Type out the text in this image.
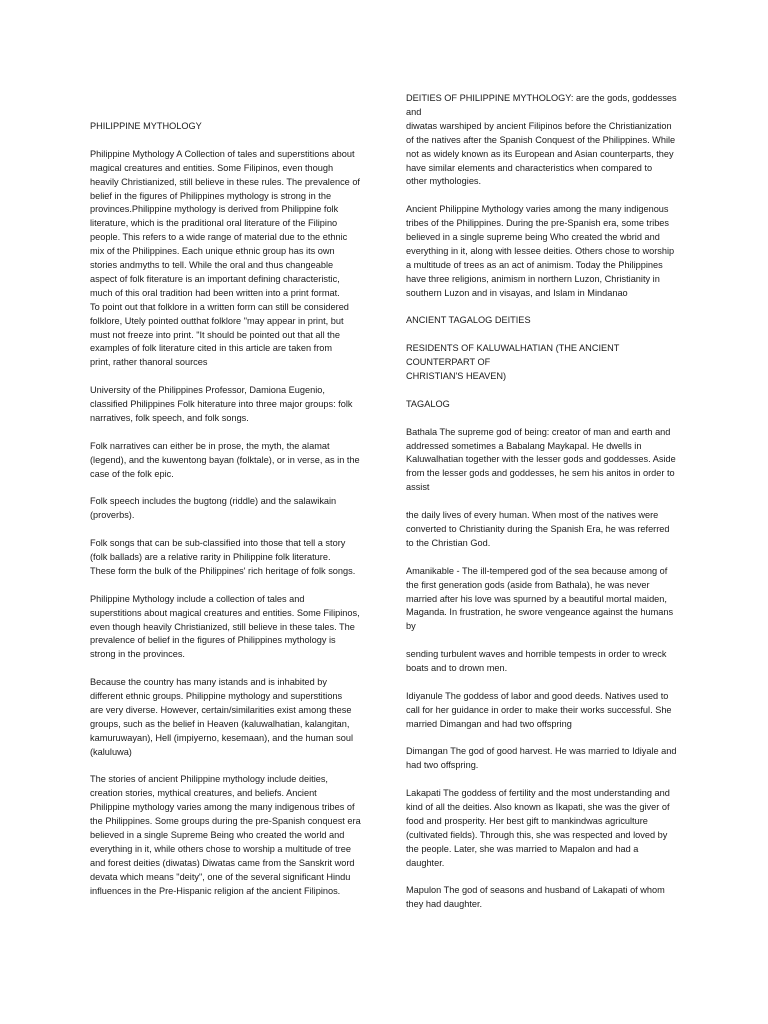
PHILIPPINE MYTHOLOGY

Philippine Mythology A Collection of tales and superstitions about
magical creatures and entities. Some Filipinos, even though
heavily Christianized, still believe in these rules. The prevalence of
belief in the figures of Philippines mythology is strong in the
provinces.Philippine mythology is derived from Philippine folk
literature, which is the praditional oral literature of the Filipino
people. This refers to a wide range of material due to the ethnic
mix of the Philippines. Each unique ethnic group has its own
stories andmyths to tell. While the oral and thus changeable
aspect of folk fiterature is an important defining characteristic,
much of this oral tradition had been written into a print format.
To point out that folklore in a written form can still be considered
folklore, Utely pointed outthat folklore "may appear in print, but
must not freeze into print. "It should be pointed out that all the
examples of folk literature cited in this article are taken from
print, rather thanoral sources

University of the Philippines Professor, Damiona Eugenio,
classified Philippines Folk hiterature into three major groups: folk
narratives, folk speech, and folk songs.

Folk narratives can either be in prose, the myth, the alamat
(legend), and the kuwentong bayan (folktale), or in verse, as in the
case of the folk epic.

Folk speech includes the bugtong (riddle) and the salawikain
(proverbs).

Folk songs that can be sub-classified into those that tell a story
(folk ballads) are a relative rarity in Philippine folk literature.
These form the bulk of the Philippines' rich heritage of folk songs.

Philippine Mythology include a collection of tales and
superstitions about magical creatures and entities. Some Filipinos,
even though heavily Christianized, still believe in these tales. The
prevalence of belief in the figures of Philippines mythology is
strong in the provinces.

Because the country has many istands and is inhabited by
different ethnic groups. Philippine mythology and superstitions
are very diverse. However, certain/similarities exist among these
groups, such as the belief in Heaven (kaluwalhatian, kalangitan,
kamuruwayan), Hell (impiyerno, kesemaan), and the human soul
(kaluluwa)

The stories of ancient Philippine mythology include deities,
creation stories, mythical creatures, and beliefs. Ancient
Philippine mythology varies among the many indigenous tribes of
the Philippines. Some groups during the pre-Spanish conquest era
believed in a single Supreme Being who created the world and
everything in it, while others chose to worship a multitude of tree
and forest deities (diwatas) Diwatas came from the Sanskrit word
devata which means "deity", one of the several significant Hindu
influences in the Pre-Hispanic religion af the ancient Filipinos.

DEITIES OF PHILIPPINE MYTHOLOGY: are the gods, goddesses and
diwatas warshiped by ancient Filipinos before the Christianization
of the natives after the Spanish Conquest of the Philippines. While
not as widely known as its European and Asian counterparts, they
have similar elements and characteristics when compared to
other mythologies.

Ancient Philippine Mythology varies among the many indigenous
tribes of the Philippines. During the pre-Spanish era, some tribes
believed in a single supreme being Who created the wbrid and
everything in it, along with lessee deities. Others chose to worship
a multitude of trees as an act of animism. Today the Philippines
have three religions, animism in northern Luzon, Christianity in
southern Luzon and in visayas, and Islam in Mindanao

ANCIENT TAGALOG DEITIES

RESIDENTS OF KALUWALHATIAN (THE ANCIENT COUNTERPART OF
CHRISTIAN'S HEAVEN)

TAGALOG

Bathala The supreme god of being: creator of man and earth and
addressed sometimes a Babalang Maykapal. He dwells in
Kaluwalhatian together with the lesser gods and goddesses. Aside
from the lesser gods and goddesses, he sem his anitos in order to
assist

the daily lives of every human. When most of the natives were
converted to Christianity during the Spanish Era, he was referred
to the Christian God.

Amanikable - The ill-tempered god of the sea because among of
the first generation gods (aside from Bathala), he was never
married after his love was spurned by a beautiful mortal maiden,
Maganda. In frustration, he swore vengeance against the humans
by

sending turbulent waves and horrible tempests in order to wreck
boats and to drown men.

Idiyanule The goddess of labor and good deeds. Natives used to
call for her guidance in order to make their works successful. She
married Dimangan and had two offspring

Dimangan The god of good harvest. He was married to Idiyale and
had two offspring.

Lakapati The goddess of fertility and the most understanding and
kind of all the deities. Also known as Ikapati, she was the giver of
food and prosperity. Her best gift to mankindwas agriculture
(cultivated fields). Through this, she was respected and loved by
the people. Later, she was married to Mapalon and had a
daughter.

Mapulon The god of seasons and husband of Lakapati of whom
they had daughter.
